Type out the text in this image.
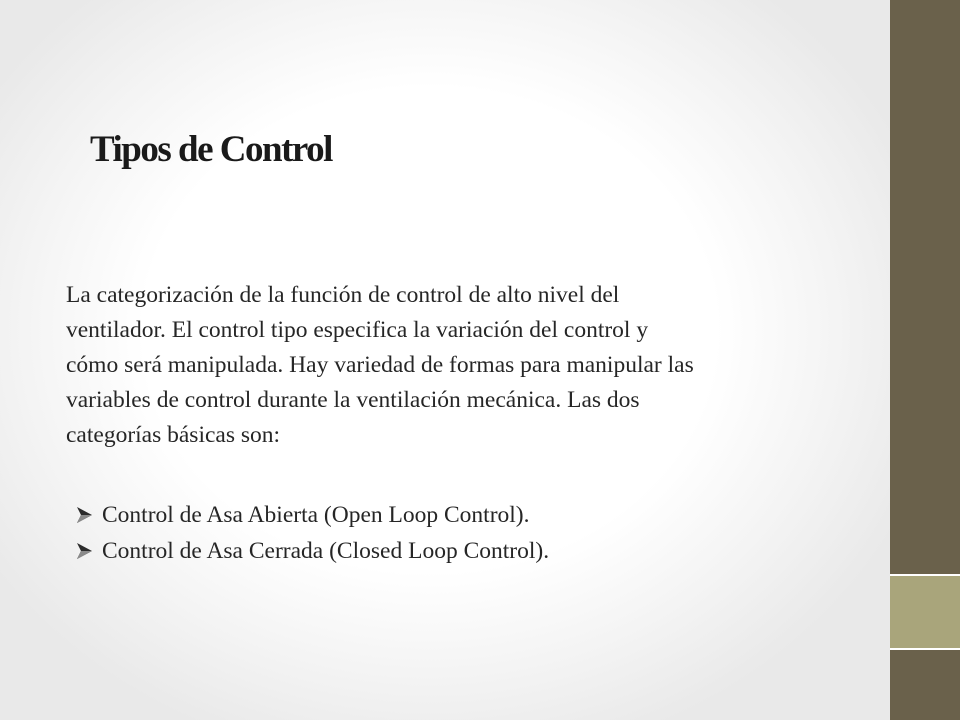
Tipos de Control

La categorización de la función de control de alto nivel del ventilador. El control tipo especifica la variación del control y cómo será manipulada. Hay variedad de formas para manipular las variables de control durante la ventilación mecánica. Las dos categorías básicas son:

Control de Asa Abierta (Open Loop Control).
Control de Asa Cerrada (Closed Loop Control).
